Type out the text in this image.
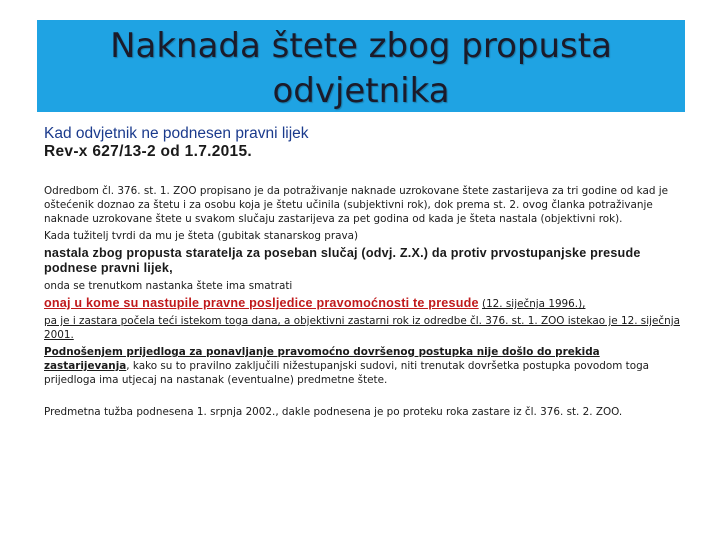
Naknada štete zbog propusta odvjetnika
Kad odvjetnik ne podnesen pravni lijek
Rev-x 627/13-2 od 1.7.2015.

Odredbom čl. 376. st. 1. ZOO propisano je da potraživanje naknade uzrokovane štete zastarijeva za tri godine od kad je oštećenik doznao za štetu i za osobu koja je štetu učinila (subjektivni rok), dok prema st. 2. ovog članka potraživanje naknade uzrokovane štete u svakom slučaju zastarijeva za pet godina od kada je šteta nastala (objektivni rok).

Kada tužitelj tvrdi da mu je šteta (gubitak stanarskog prava)

nastala zbog propusta staratelja za poseban slučaj (odvj. Z.X.) da protiv prvostupanjske presude podnese pravni lijek,

onda se trenutkom nastanka štete ima smatrati

onaj u kome su nastupile pravne posljedice pravomoćnosti te presude (12. siječnja 1996.),

pa je i zastara počela teći istekom toga dana, a objektivni zastarni rok iz odredbe čl. 376. st. 1. ZOO istekao je 12. siječnja 2001.

Podnošenjem prijedloga za ponavljanje pravomoćno dovršenog postupka nije došlo do prekida zastarijevanja, kako su to pravilno zaključili nižestupanjski sudovi, niti trenutak dovršetka postupka povodom toga prijedloga ima utjecaj na nastanak (eventualne) predmetne štete.

Predmetna tužba podnesena 1. srpnja 2002., dakle podnesena je po proteku roka zastare iz čl. 376. st. 2. ZOO.
